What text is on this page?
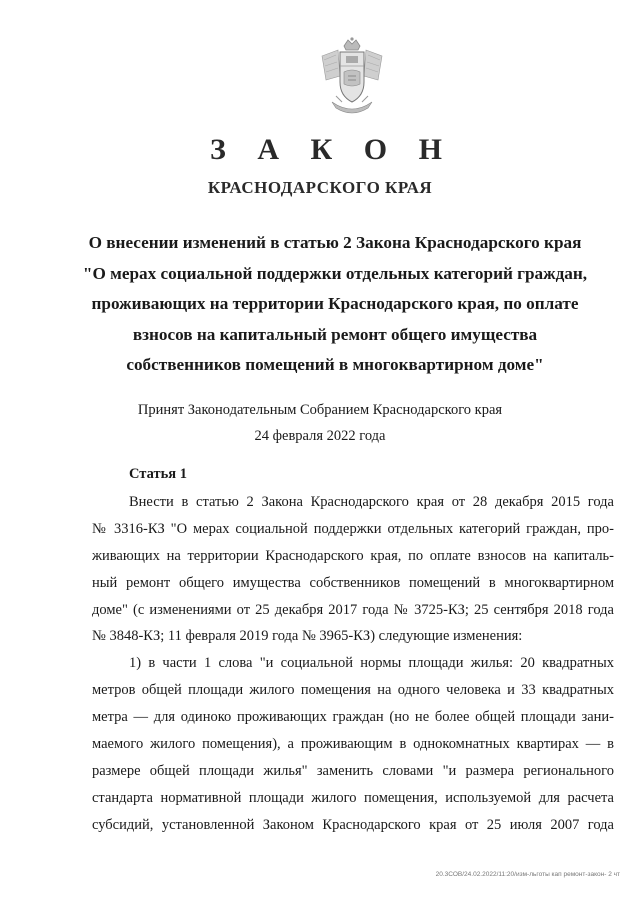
З А К О Н
КРАСНОДАРСКОГО КРАЯ
О внесении изменений в статью 2 Закона Краснодарского края
"О мерах социальной поддержки отдельных категорий граждан,
проживающих на территории Краснодарского края, по оплате
взносов на капитальный ремонт общего имущества
собственников помещений в многоквартирном доме"
Принят Законодательным Собранием Краснодарского края
24 февраля 2022 года
Статья 1
Внести в статью 2 Закона Краснодарского края от 28 декабря 2015 года
№ 3316-КЗ "О мерах социальной поддержки отдельных категорий граждан, про-
живающих на территории Краснодарского края, по оплате взносов на капиталь-
ный ремонт общего имущества собственников помещений в многоквартирном
доме" (с изменениями от 25 декабря 2017 года № 3725-КЗ; 25 сентября 2018 года
№ 3848-КЗ; 11 февраля 2019 года № 3965-КЗ) следующие изменения:
1) в части 1 слова "и социальной нормы площади жилья: 20 квадратных
метров общей площади жилого помещения на одного человека и 33 квадратных
метра — для одиноко проживающих граждан (но не более общей площади зани-
маемого жилого помещения), а проживающим в однокомнатных квартирах — в
размере общей площади жилья" заменить словами "и размера регионального
стандарта нормативной площади жилого помещения, используемой для расчета
субсидий, установленной Законом Краснодарского края от 25 июля 2007 года
20.3СОВ/24.02.2022/11:20/изм-льготы кап ремонт-закон- 2 чт
